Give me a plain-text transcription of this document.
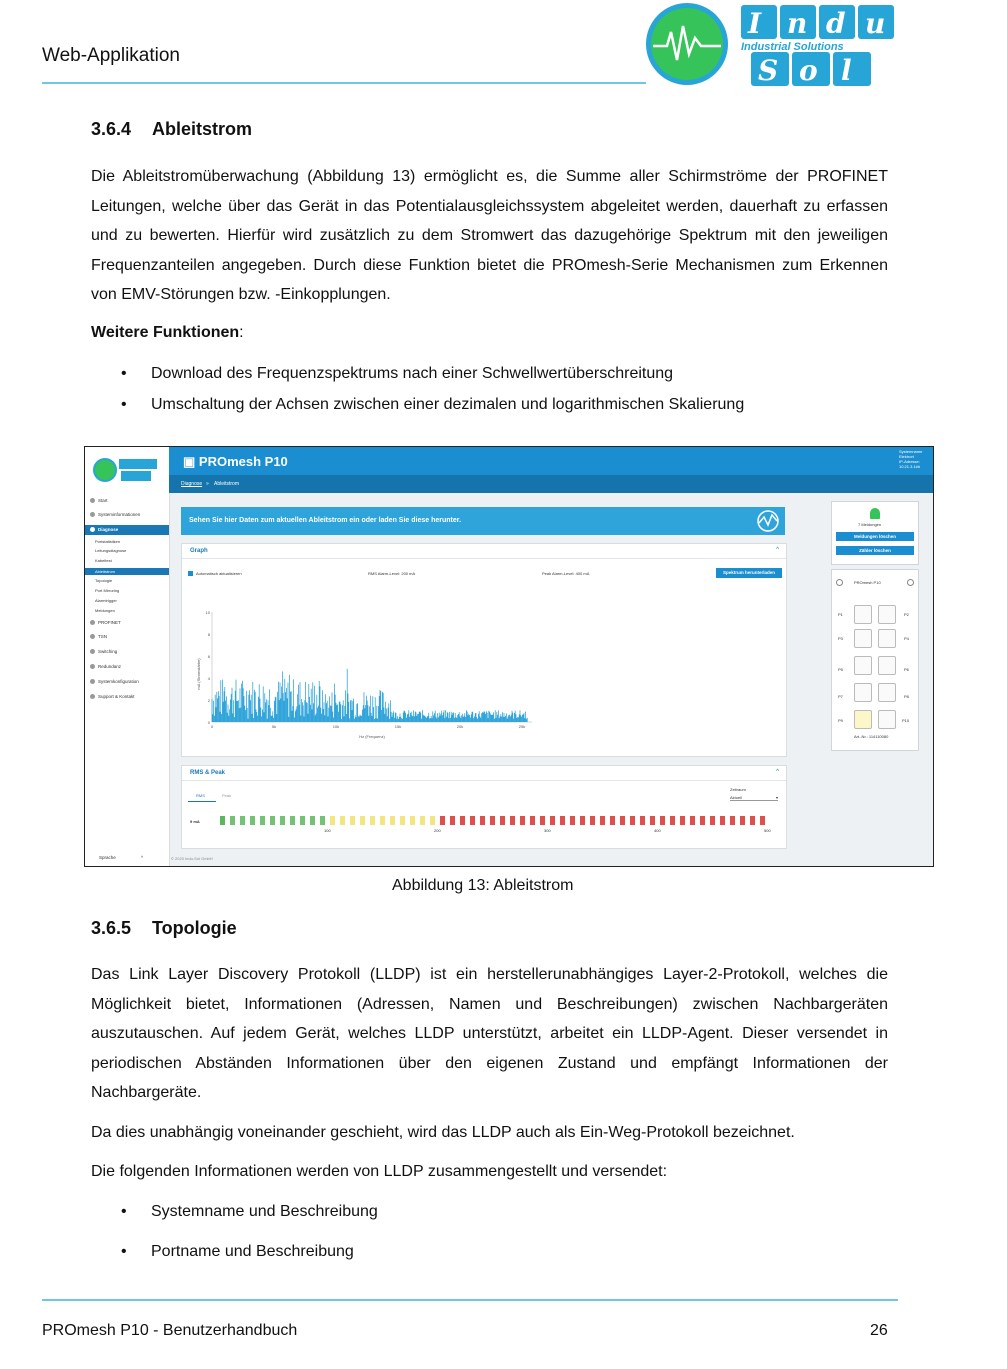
Web-Applikation
I n d u
S o l
Industrial Solutions
3.6.4 Ableitstrom

Die Ableitstromüberwachung (Abbildung 13) ermöglicht es, die Summe aller Schirmströme der PROFINET Leitungen, welche über das Gerät in das Potentialausgleichssystem abgeleitet werden, dauerhaft zu erfassen und zu bewerten. Hierfür wird zusätzlich zu dem Stromwert das dazugehörige Spektrum mit den jeweiligen Frequenzanteilen angegeben. Durch diese Funktion bietet die PROmesh-Serie Mechanismen zum Erkennen von EMV-Störungen bzw. -Einkopplungen.

Weitere Funktionen:
• Download des Frequenzspektrums nach einer Schwellwertüberschreitung
• Umschaltung der Achsen zwischen einer dezimalen und logarithmischen Skalierung
Start
Systeminformationen
Diagnose
Portstatistiken
Leitungsdiagnose
Kabeltest
Ableitstrom
Topologie
Port Mirroring
Alarmtrigger
Meldungen
PROFINET
TSN
Switching
Redundanz
Systemkonfiguration
Support & Kontakt
Sprache	^
▣ PROmesh P10
Systemname
Elektrort
IP-Adresse: 10.21.3.1##
➜
admin
Ausloggen
?
Hilfe
Diagnose » Ableitstrom
Sehen Sie hier Daten zum aktuellen Ableitstrom ein oder laden Sie diese herunter.
Graph	^
Automatisch aktualisieren	RMS Alarm-Level: 200 mA	Peak Alarm-Level: 400 mA	Spektrum herunterladen
mA (Stromstärke)
10
8
6
4
2
0
0	5k	10k	15k	20k	25k
Hz (Frequenz)
RMS & Peak	^
RMS	Peak
Zeitraum
Aktuell	▾
9 mA
100	200	300	400	500
© 2020 Indu-Sol GmbH
7 Meldungen
Meldungen löschen
Zähler löschen
PROmesh P10
P1
P3
P5
P7
P9
P2
P4
P6
P8
P10
Art.-Nr.: 114110080
Abbildung 13: Ableitstrom
3.6.5 Topologie

Das Link Layer Discovery Protokoll (LLDP) ist ein herstellerunabhängiges Layer-2-Protokoll, welches die Möglichkeit bietet, Informationen (Adressen, Namen und Beschreibungen) zwischen Nachbargeräten auszutauschen. Auf jedem Gerät, welches LLDP unterstützt, arbeitet ein LLDP-Agent. Dieser versendet in periodischen Abständen Informationen über den eigenen Zustand und empfängt Informationen der Nachbargeräte.

Da dies unabhängig voneinander geschieht, wird das LLDP auch als Ein-Weg-Protokoll bezeichnet.

Die folgenden Informationen werden von LLDP zusammengestellt und versendet:

• Systemname und Beschreibung
• Portname und Beschreibung
PROmesh P10 - Benutzerhandbuch	26
